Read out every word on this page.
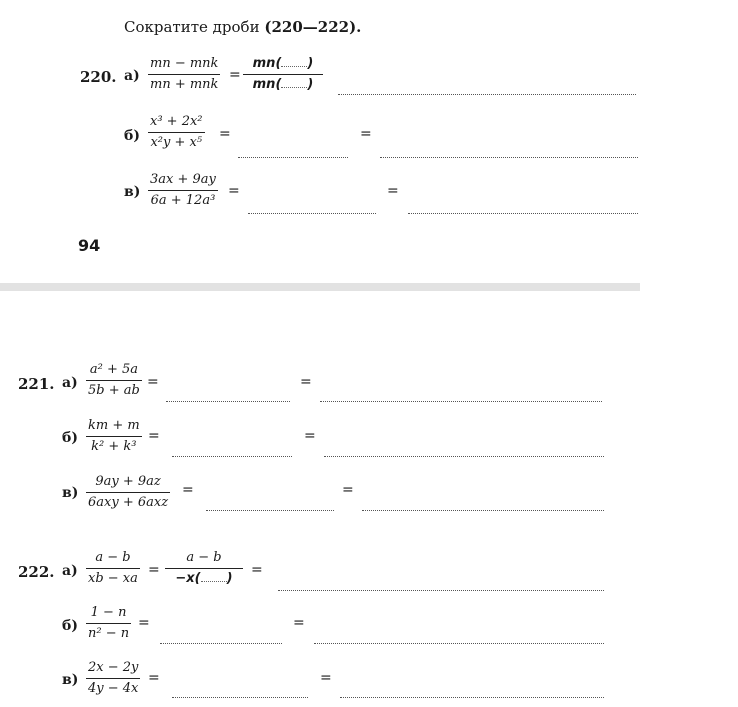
Сократите дроби (220—222).
220. а)
mn − mnk
mn + mnk
=
mn( )
mn( )
б)
x³ + 2x²
x²y + x⁵
=	=
в)
3ax + 9ay
6a + 12a³
=	=
94
221. а)
a² + 5a
5b + ab
=	=
б)
km + m
k² + k³
=	=
в)
9ay + 9az
6axy + 6axz
=	=
222. а)
a − b
xb − xa
=
a − b
−x( )
=
б)
1 − n
n² − n
=	=
в)
2x − 2y
4y − 4x
=	=
